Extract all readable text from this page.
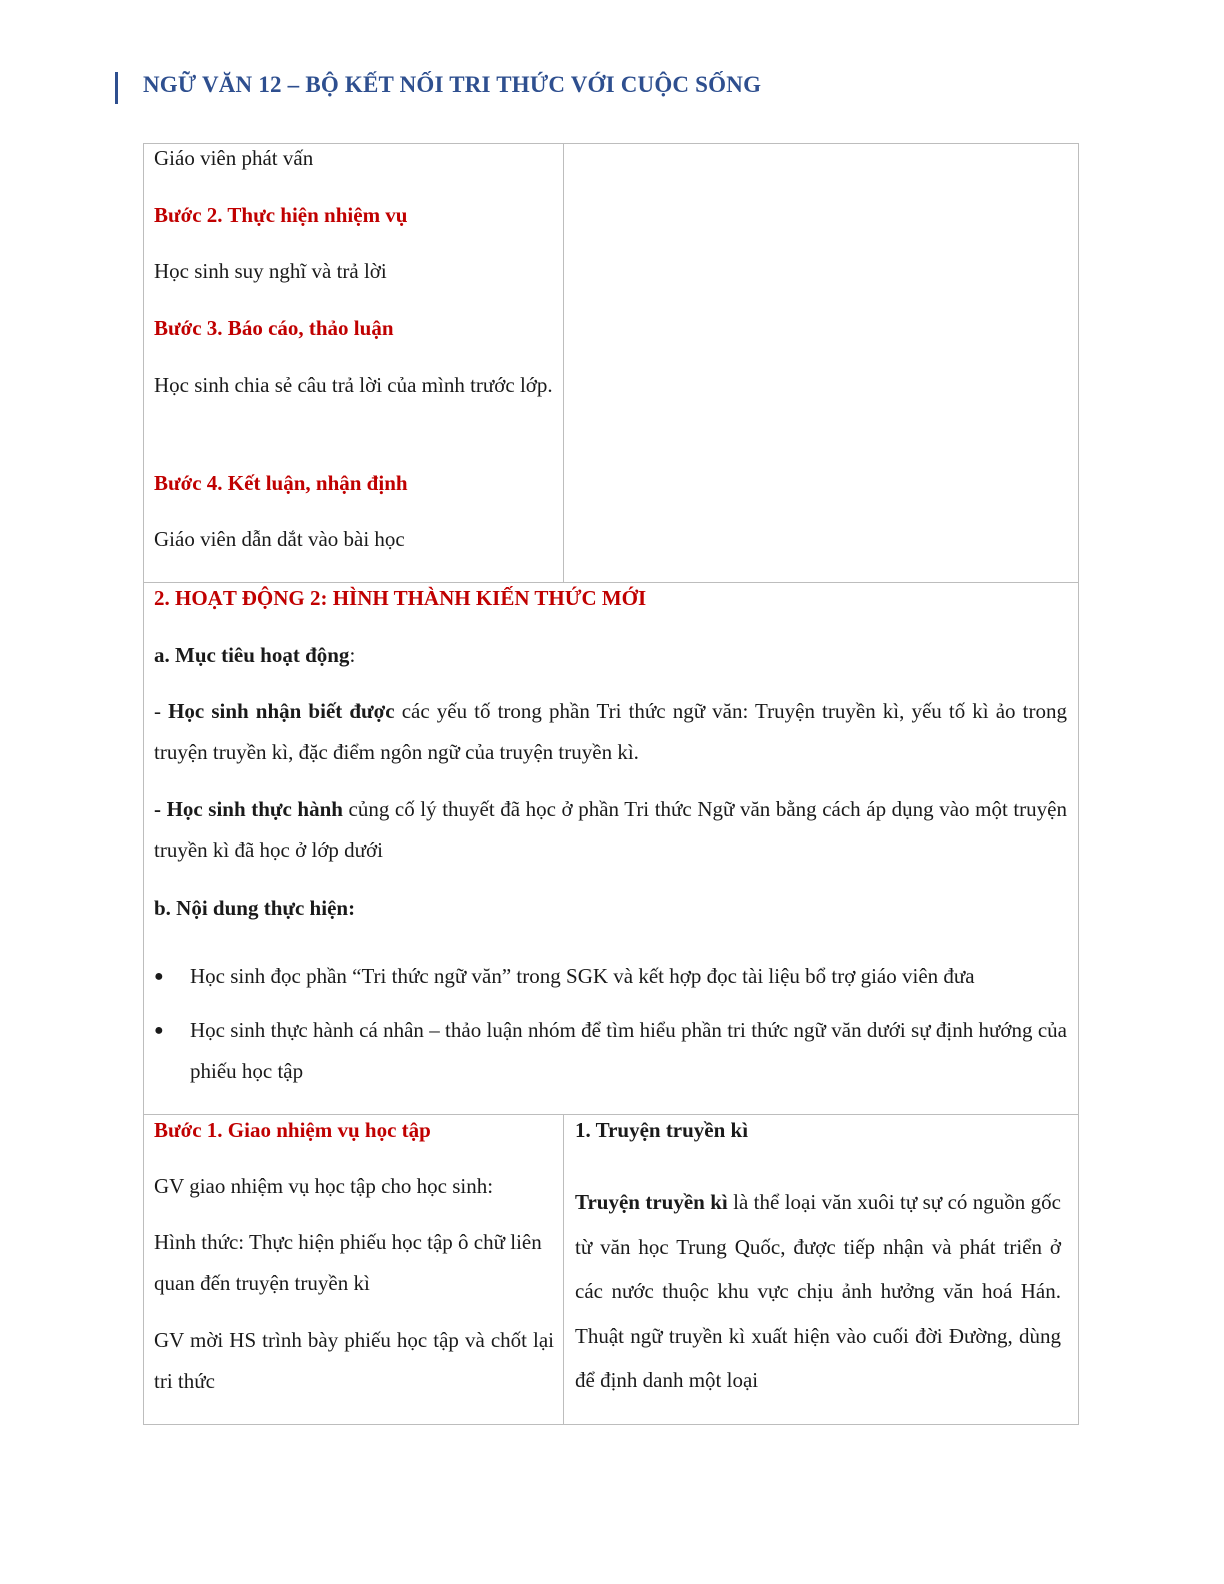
NGỮ VĂN 12 – BỘ KẾT NỐI TRI THỨC VỚI CUỘC SỐNG
Giáo viên phát vấn
Bước 2. Thực hiện nhiệm vụ
Học sinh suy nghĩ và trả lời
Bước 3. Báo cáo, thảo luận
Học sinh chia sẻ câu trả lời của mình trước lớp.
Bước 4. Kết luận, nhận định
Giáo viên dẫn dắt vào bài học
2. HOẠT ĐỘNG 2: HÌNH THÀNH KIẾN THỨC MỚI
a. Mục tiêu hoạt động:
- Học sinh nhận biết được các yếu tố trong phần Tri thức ngữ văn: Truyện truyền kì, yếu tố kì ảo trong truyện truyền kì, đặc điểm ngôn ngữ của truyện truyền kì.
- Học sinh thực hành củng cố lý thuyết đã học ở phần Tri thức Ngữ văn bằng cách áp dụng vào một truyện truyền kì đã học ở lớp dưới
b. Nội dung thực hiện:
● Học sinh đọc phần “Tri thức ngữ văn” trong SGK và kết hợp đọc tài liệu bổ trợ giáo viên đưa
● Học sinh thực hành cá nhân – thảo luận nhóm để tìm hiểu phần tri thức ngữ văn dưới sự định hướng của phiếu học tập
Bước 1. Giao nhiệm vụ học tập
GV giao nhiệm vụ học tập cho học sinh:
Hình thức: Thực hiện phiếu học tập ô chữ liên quan đến truyện truyền kì
GV mời HS trình bày phiếu học tập và chốt lại tri thức
1. Truyện truyền kì
Truyện truyền kì là thể loại văn xuôi tự sự có nguồn gốc từ văn học Trung Quốc, được tiếp nhận và phát triển ở các nước thuộc khu vực chịu ảnh hưởng văn hoá Hán. Thuật ngữ truyền kì xuất hiện vào cuối đời Đường, dùng để định danh một loại
